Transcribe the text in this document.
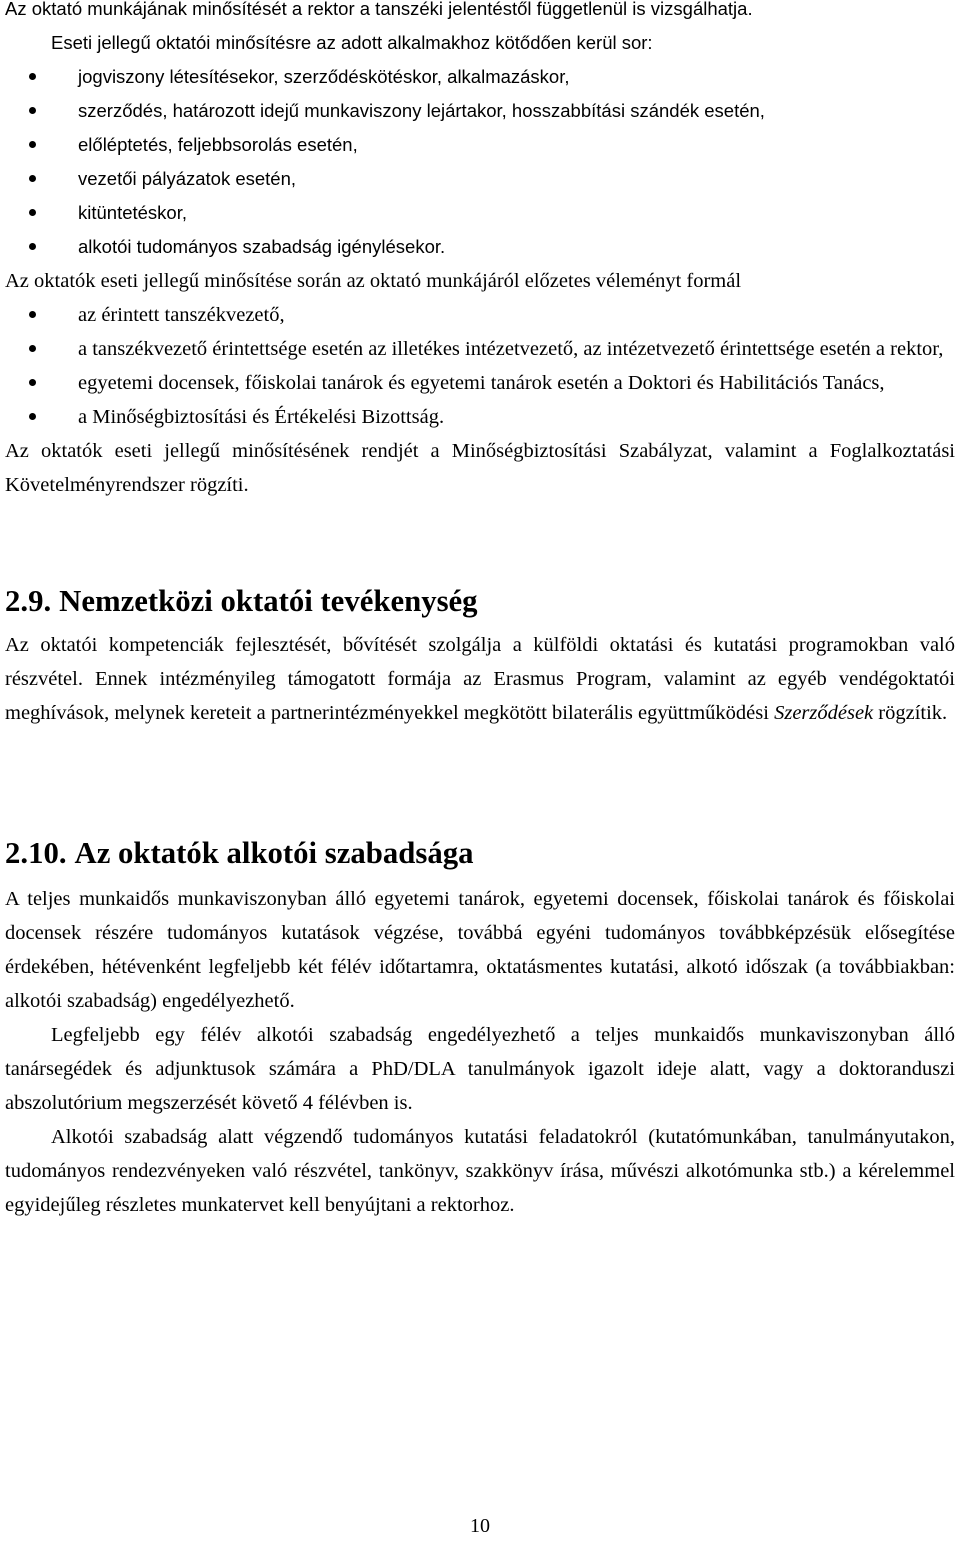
Az oktató munkájának minősítését a rektor a tanszéki jelentéstől függetlenül is vizsgálhatja.

Eseti jellegű oktatói minősítésre az adott alkalmakhoz kötődően kerül sor:

jogviszony létesítésekor, szerződéskötéskor, alkalmazáskor,
szerződés, határozott idejű munkaviszony lejártakor, hosszabbítási szándék esetén,
előléptetés, feljebbsorolás esetén,
vezetői pályázatok esetén,
kitüntetéskor,
alkotói tudományos szabadság igénylésekor.

Az oktatók eseti jellegű minősítése során az oktató munkájáról előzetes véleményt formál

az érintett tanszékvezető,
a tanszékvezető érintettsége esetén az illetékes intézetvezető, az intézetvezető érintettsége esetén a rektor,
egyetemi docensek, főiskolai tanárok és egyetemi tanárok esetén a Doktori és Habilitációs Tanács,
a Minőségbiztosítási és Értékelési Bizottság.

Az oktatók eseti jellegű minősítésének rendjét a Minőségbiztosítási Szabályzat, valamint a Foglalkoztatási Követelményrendszer rögzíti.

2.9. Nemzetközi oktatói tevékenység

Az oktatói kompetenciák fejlesztését, bővítését szolgálja a külföldi oktatási és kutatási programokban való részvétel. Ennek intézményileg támogatott formája az Erasmus Program, valamint az egyéb vendégoktatói meghívások, melynek kereteit a partnerintézményekkel megkötött bilaterális együttműködési Szerződések rögzítik.

2.10. Az oktatók alkotói szabadsága

A teljes munkaidős munkaviszonyban álló egyetemi tanárok, egyetemi docensek, főiskolai tanárok és főiskolai docensek részére tudományos kutatások végzése, továbbá egyéni tudományos továbbképzésük elősegítése érdekében, hétévenként legfeljebb két félév időtartamra, oktatásmentes kutatási, alkotó időszak (a továbbiakban: alkotói szabadság) engedélyezhető.

Legfeljebb egy félév alkotói szabadság engedélyezhető a teljes munkaidős munkaviszonyban álló tanársegédek és adjunktusok számára a PhD/DLA tanulmányok igazolt ideje alatt, vagy a doktoranduszi abszolutórium megszerzését követő 4 félévben is.

Alkotói szabadság alatt végzendő tudományos kutatási feladatokról (kutatómunkában, tanulmányutakon, tudományos rendezvényeken való részvétel, tankönyv, szakkönyv írása, művészi alkotómunka stb.) a kérelemmel egyidejűleg részletes munkatervet kell benyújtani a rektorhoz.

10
